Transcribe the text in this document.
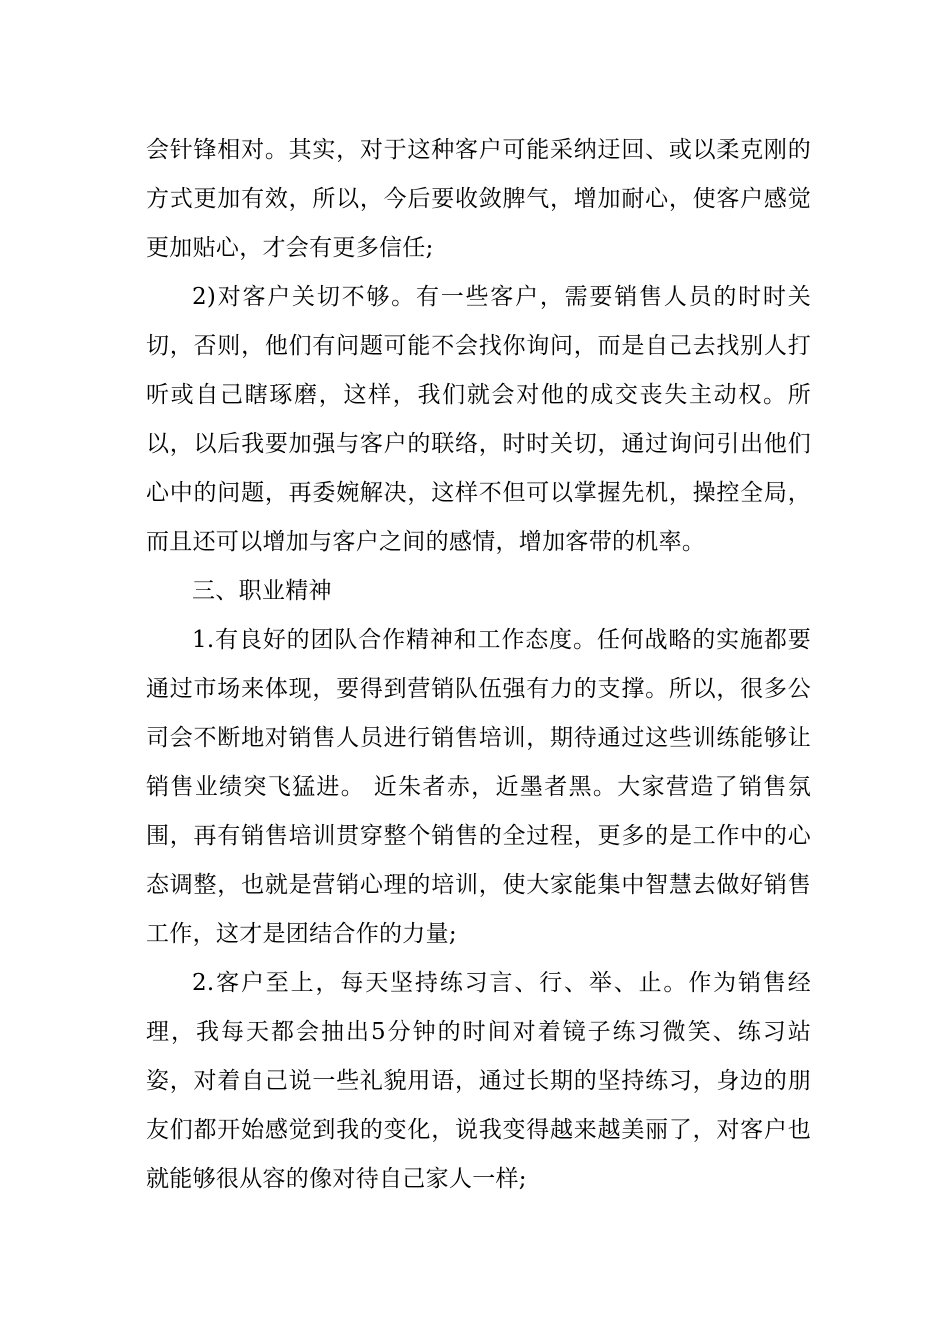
会针锋相对。其实，对于这种客户可能采纳迂回、或以柔克刚的方式更加有效，所以，今后要收敛脾气，增加耐心，使客户感觉更加贴心，才会有更多信任;

2)对客户关切不够。有一些客户，需要销售人员的时时关切，否则，他们有问题可能不会找你询问，而是自己去找别人打听或自己瞎琢磨，这样，我们就会对他的成交丧失主动权。所以，以后我要加强与客户的联络，时时关切，通过询问引出他们心中的问题，再委婉解决，这样不但可以掌握先机，操控全局，而且还可以增加与客户之间的感情，增加客带的机率。

三、职业精神

1.有良好的团队合作精神和工作态度。任何战略的实施都要通过市场来体现，要得到营销队伍强有力的支撑。所以，很多公司会不断地对销售人员进行销售培训，期待通过这些训练能够让销售业绩突飞猛进。 近朱者赤，近墨者黑。大家营造了销售氛围，再有销售培训贯穿整个销售的全过程，更多的是工作中的心态调整，也就是营销心理的培训，使大家能集中智慧去做好销售工作，这才是团结合作的力量;

2.客户至上，每天坚持练习言、行、举、止。作为销售经理，我每天都会抽出5分钟的时间对着镜子练习微笑、练习站姿，对着自己说一些礼貌用语，通过长期的坚持练习，身边的朋友们都开始感觉到我的变化，说我变得越来越美丽了，对客户也就能够很从容的像对待自己家人一样;
